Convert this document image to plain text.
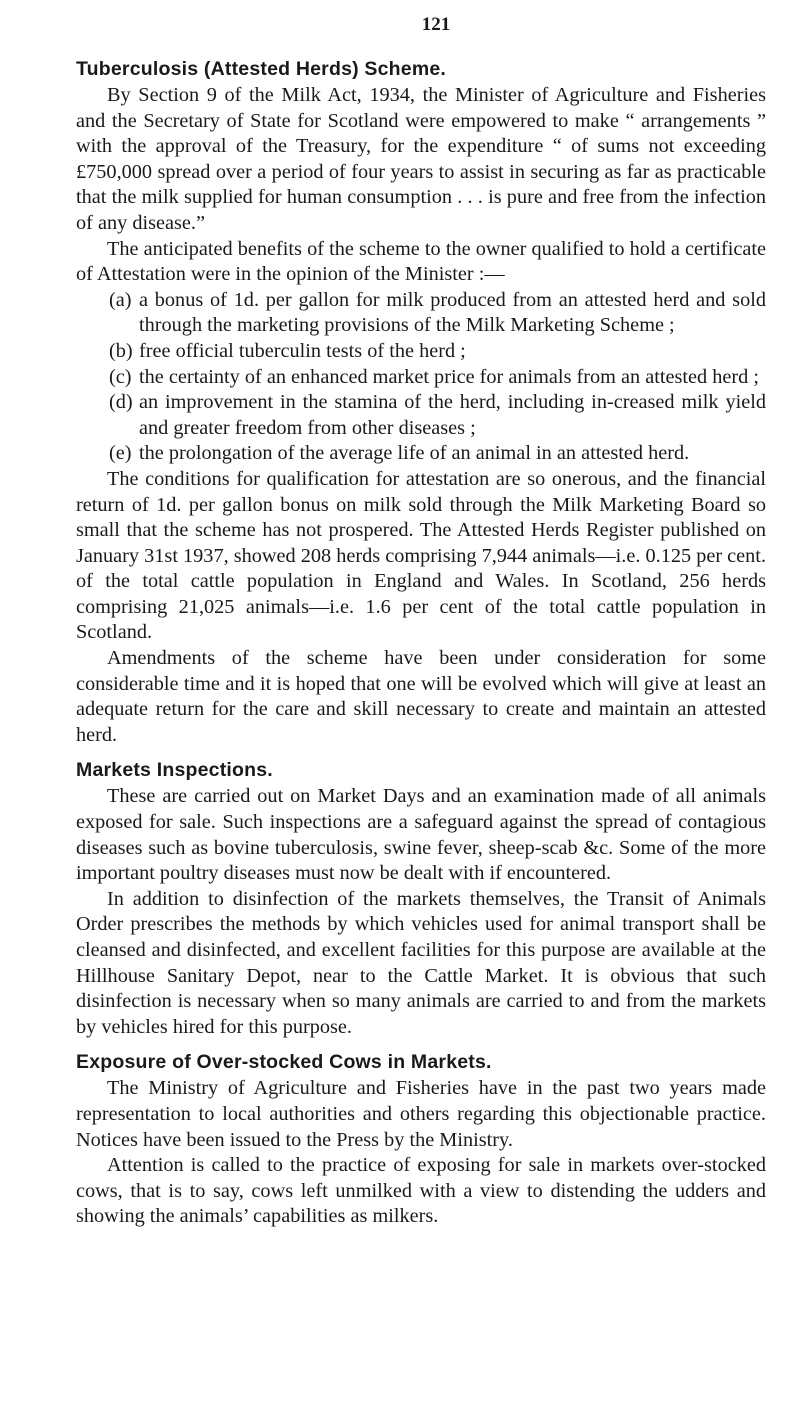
121
Tuberculosis (Attested Herds) Scheme.

By Section 9 of the Milk Act, 1934, the Minister of Agriculture and Fisheries and the Secretary of State for Scotland were empowered to make “ arrangements ” with the approval of the Treasury, for the expenditure “ of sums not exceeding £750,000 spread over a period of four years to assist in securing as far as practicable that the milk supplied for human consumption . . . is pure and free from the infection of any disease.”

The anticipated benefits of the scheme to the owner qualified to hold a certificate of Attestation were in the opinion of the Minister :—

(a) a bonus of 1d. per gallon for milk produced from an attested herd and sold through the marketing provisions of the Milk Marketing Scheme ;
(b) free official tuberculin tests of the herd ;
(c) the certainty of an enhanced market price for animals from an attested herd ;
(d) an improvement in the stamina of the herd, including in-creased milk yield and greater freedom from other diseases ;
(e) the prolongation of the average life of an animal in an attested herd.

The conditions for qualification for attestation are so onerous, and the financial return of 1d. per gallon bonus on milk sold through the Milk Marketing Board so small that the scheme has not prospered. The Attested Herds Register published on January 31st 1937, showed 208 herds comprising 7,944 animals—i.e. 0.125 per cent. of the total cattle population in England and Wales. In Scotland, 256 herds comprising 21,025 animals—i.e. 1.6 per cent of the total cattle population in Scotland.

Amendments of the scheme have been under consideration for some considerable time and it is hoped that one will be evolved which will give at least an adequate return for the care and skill necessary to create and maintain an attested herd.

Markets Inspections.

These are carried out on Market Days and an examination made of all animals exposed for sale. Such inspections are a safeguard against the spread of contagious diseases such as bovine tuberculosis, swine fever, sheep-scab &c. Some of the more important poultry diseases must now be dealt with if encountered.

In addition to disinfection of the markets themselves, the Transit of Animals Order prescribes the methods by which vehicles used for animal transport shall be cleansed and disinfected, and excellent facilities for this purpose are available at the Hillhouse Sanitary Depot, near to the Cattle Market. It is obvious that such disinfection is necessary when so many animals are carried to and from the markets by vehicles hired for this purpose.

Exposure of Over-stocked Cows in Markets.

The Ministry of Agriculture and Fisheries have in the past two years made representation to local authorities and others regarding this objectionable practice. Notices have been issued to the Press by the Ministry.

Attention is called to the practice of exposing for sale in markets over-stocked cows, that is to say, cows left unmilked with a view to distending the udders and showing the animals’ capabilities as milkers.
